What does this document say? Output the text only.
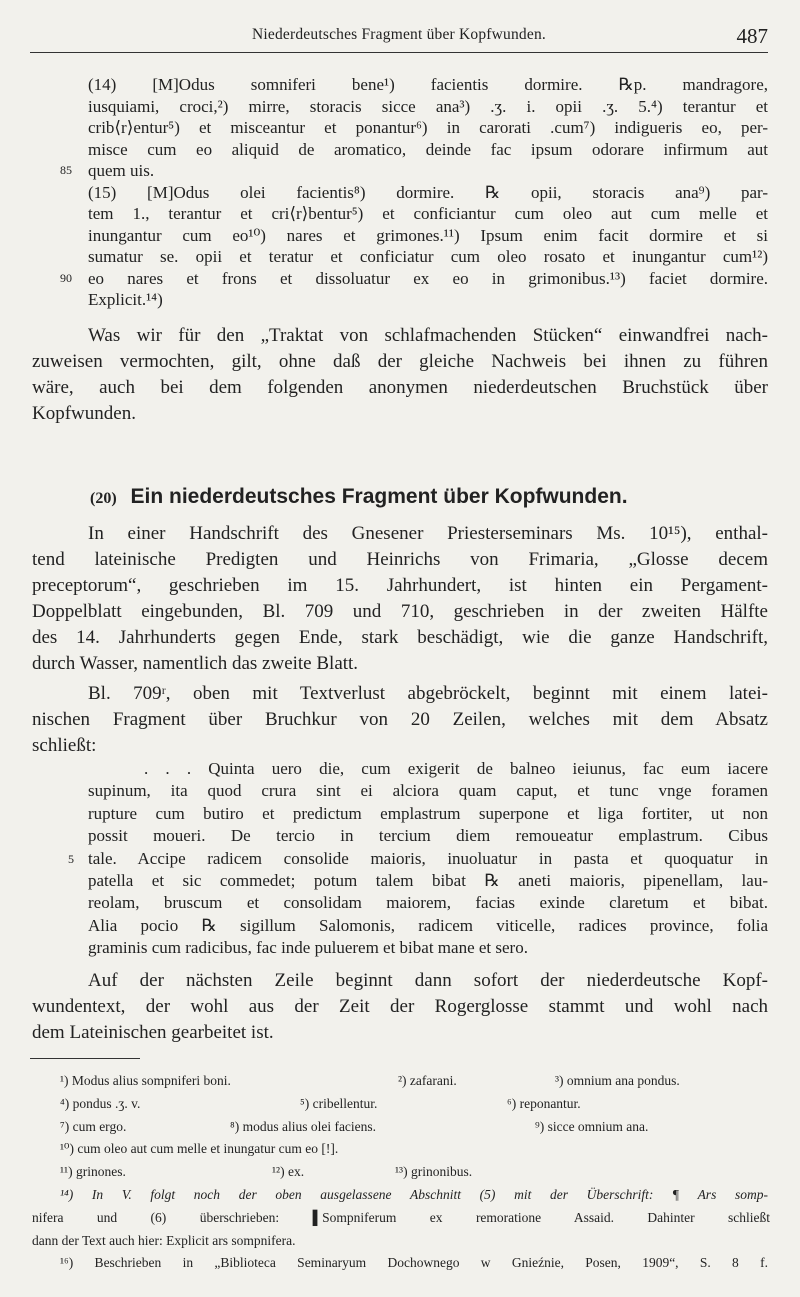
Niederdeutsches Fragment über Kopfwunden.	487
(14) [M]Odus somniferi bene¹) facientis dormire. ℞p. mandragore,
iusquiami, croci,²) mirre, storacis sicce ana³) .ʒ. i. opii .ʒ. 5.⁴) terantur et
crib⟨r⟩entur⁵) et misceantur et ponantur⁶) in carorati .cum⁷) indigueris eo, per-
misce cum eo aliquid de aromatico, deinde fac ipsum odorare infirmum aut
85 quem uis.
(15) [M]Odus olei facientis⁸) dormire. ℞ opii, storacis ana⁹) par-
tem 1., terantur et cri⟨r⟩bentur⁵) et conficiantur cum oleo aut cum melle et
inungantur cum eo¹⁰) nares et grimones.¹¹) Ipsum enim facit dormire et si
sumatur se. opii et teratur et conficiatur cum oleo rosato et inungantur cum¹²)
90 eo nares et frons et dissoluatur ex eo in grimonibus.¹³) faciet dormire.
Explicit.¹⁴)
Was wir für den „Traktat von schlafmachenden Stücken“ einwandfrei nach-
zuweisen vermochten, gilt, ohne daß der gleiche Nachweis bei ihnen zu führen
wäre, auch bei dem folgenden anonymen niederdeutschen Bruchstück über
Kopfwunden.
(20) Ein niederdeutsches Fragment über Kopfwunden.
In einer Handschrift des Gnesener Priesterseminars Ms. 10¹⁵), enthal-
tend lateinische Predigten und Heinrichs von Frimaria, „Glosse decem
preceptorum“, geschrieben im 15. Jahrhundert, ist hinten ein Pergament-
Doppelblatt eingebunden, Bl. 709 und 710, geschrieben in der zweiten Hälfte
des 14. Jahrhunderts gegen Ende, stark beschädigt, wie die ganze Handschrift,
durch Wasser, namentlich das zweite Blatt.
Bl. 709ʳ, oben mit Textverlust abgebröckelt, beginnt mit einem latei-
nischen Fragment über Bruchkur von 20 Zeilen, welches mit dem Absatz
schließt:
. . . Quinta uero die, cum exigerit de balneo ieiunus, fac eum iacere
supinum, ita quod crura sint ei alciora quam caput, et tunc vnge foramen
rupture cum butiro et predictum emplastrum superpone et liga fortiter, ut non
possit moueri. De tercio in tercium diem remoueatur emplastrum. Cibus
5 tale. Accipe radicem consolide maioris, inuoluatur in pasta et quoquatur in
patella et sic commedet; potum talem bibat ℞ aneti maioris, pipenellam, lau-
reolam, bruscum et consolidam maiorem, facias exinde claretum et bibat.
Alia pocio ℞ sigillum Salomonis, radicem viticelle, radices province, folia
graminis cum radicibus, fac inde puluerem et bibat mane et sero.
Auf der nächsten Zeile beginnt dann sofort der niederdeutsche Kopf-
wundentext, der wohl aus der Zeit der Rogerglosse stammt und wohl nach
dem Lateinischen gearbeitet ist.
¹) Modus alius sompniferi boni.	²) zafarani.	³) omnium ana pondus.
⁴) pondus .ʒ. v.	⁵) cribellentur.	⁶) reponantur.
⁷) cum ergo.	⁸) modus alius olei faciens.	⁹) sicce omnium ana.
¹⁰) cum oleo aut cum melle et inungatur cum eo [!].
¹¹) grinones.	¹²) ex.	¹³) grinonibus.
¹⁴) In V. folgt noch der oben ausgelassene Abschnitt (5) mit der Überschrift: ¶ Ars somp-
nifera und (6) überschrieben: ▌Sompniferum ex remoratione Assaid. Dahinter schließt
dann der Text auch hier: Explicit ars sompnifera.
¹⁶) Beschrieben in „Biblioteca Seminaryum Dochownego w Gnieźnie, Posen, 1909“, S. 8 f.
